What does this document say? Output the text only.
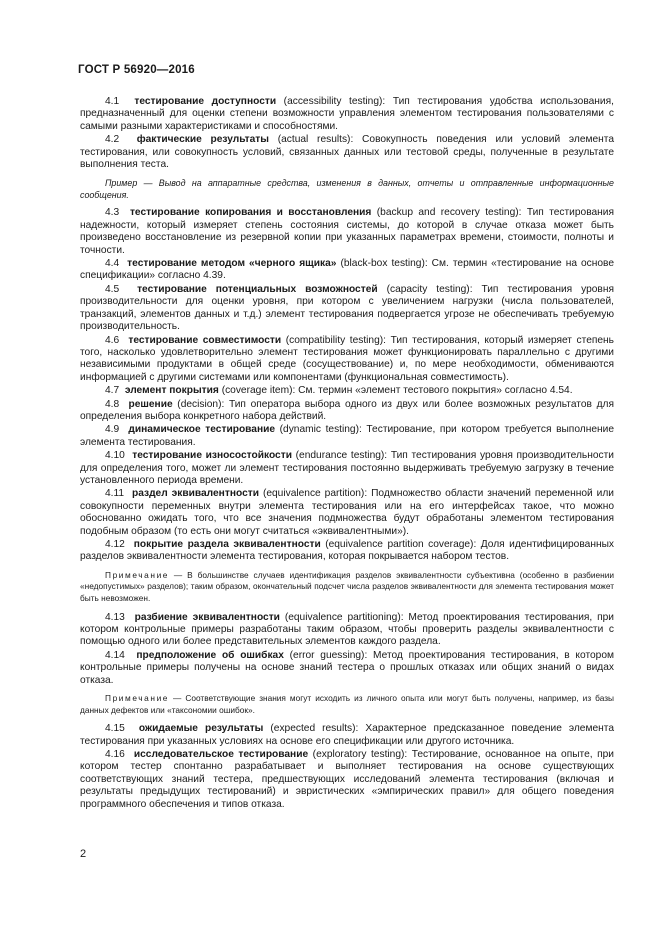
ГОСТ Р 56920—2016

4.1 тестирование доступности (accessibility testing): Тип тестирования удобства использования, предназначенный для оценки степени возможности управления элементом тестирования пользователями с самыми разными характеристиками и способностями.

4.2 фактические результаты (actual results): Совокупность поведения или условий элемента тестирования, или совокупность условий, связанных данных или тестовой среды, полученные в результате выполнения теста.

Пример — Вывод на аппаратные средства, изменения в данных, отчеты и отправленные информационные сообщения.

4.3 тестирование копирования и восстановления (backup and recovery testing): Тип тестирования надежности, который измеряет степень состояния системы, до которой в случае отказа может быть произведено восстановление из резервной копии при указанных параметрах времени, стоимости, полноты и точности.

4.4 тестирование методом «черного ящика» (black-box testing): См. термин «тестирование на основе спецификации» согласно 4.39.

4.5 тестирование потенциальных возможностей (capacity testing): Тип тестирования уровня производительности для оценки уровня, при котором с увеличением нагрузки (числа пользователей, транзакций, элементов данных и т.д.) элемент тестирования подвергается угрозе не обеспечивать требуемую производительность.

4.6 тестирование совместимости (compatibility testing): Тип тестирования, который измеряет степень того, насколько удовлетворительно элемент тестирования может функционировать параллельно с другими независимыми продуктами в общей среде (сосуществование) и, по мере необходимости, обмениваются информацией с другими системами или компонентами (функциональная совместимость).

4.7 элемент покрытия (coverage item): См. термин «элемент тестового покрытия» согласно 4.54.

4.8 решение (decision): Тип оператора выбора одного из двух или более возможных результатов для определения выбора конкретного набора действий.

4.9 динамическое тестирование (dynamic testing): Тестирование, при котором требуется выполнение элемента тестирования.

4.10 тестирование износостойкости (endurance testing): Тип тестирования уровня производительности для определения того, может ли элемент тестирования постоянно выдерживать требуемую загрузку в течение установленного периода времени.

4.11 раздел эквивалентности (equivalence partition): Подмножество области значений переменной или совокупности переменных внутри элемента тестирования или на его интерфейсах такое, что можно обоснованно ожидать того, что все значения подмножества будут обработаны элементом тестирования подобным образом (то есть они могут считаться «эквивалентными»).

4.12 покрытие раздела эквивалентности (equivalence partition coverage): Доля идентифицированных разделов эквивалентности элемента тестирования, которая покрывается набором тестов.

Примечание — В большинстве случаев идентификация разделов эквивалентности субъективна (особенно в разбиении «недопустимых» разделов); таким образом, окончательный подсчет числа разделов эквивалентности для элемента тестирования может быть невозможен.

4.13 разбиение эквивалентности (equivalence partitioning): Метод проектирования тестирования, при котором контрольные примеры разработаны таким образом, чтобы проверить разделы эквивалентности с помощью одного или более представительных элементов каждого раздела.

4.14 предположение об ошибках (error guessing): Метод проектирования тестирования, в котором контрольные примеры получены на основе знаний тестера о прошлых отказах или общих знаний о видах отказа.

Примечание — Соответствующие знания могут исходить из личного опыта или могут быть получены, например, из базы данных дефектов или «таксономии ошибок».

4.15 ожидаемые результаты (expected results): Характерное предсказанное поведение элемента тестирования при указанных условиях на основе его спецификации или другого источника.

4.16 исследовательское тестирование (exploratory testing): Тестирование, основанное на опыте, при котором тестер спонтанно разрабатывает и выполняет тестирования на основе существующих соответствующих знаний тестера, предшествующих исследований элемента тестирования (включая и результаты предыдущих тестирований) и эвристических «эмпирических правил» для общего поведения программного обеспечения и типов отказа.

2
